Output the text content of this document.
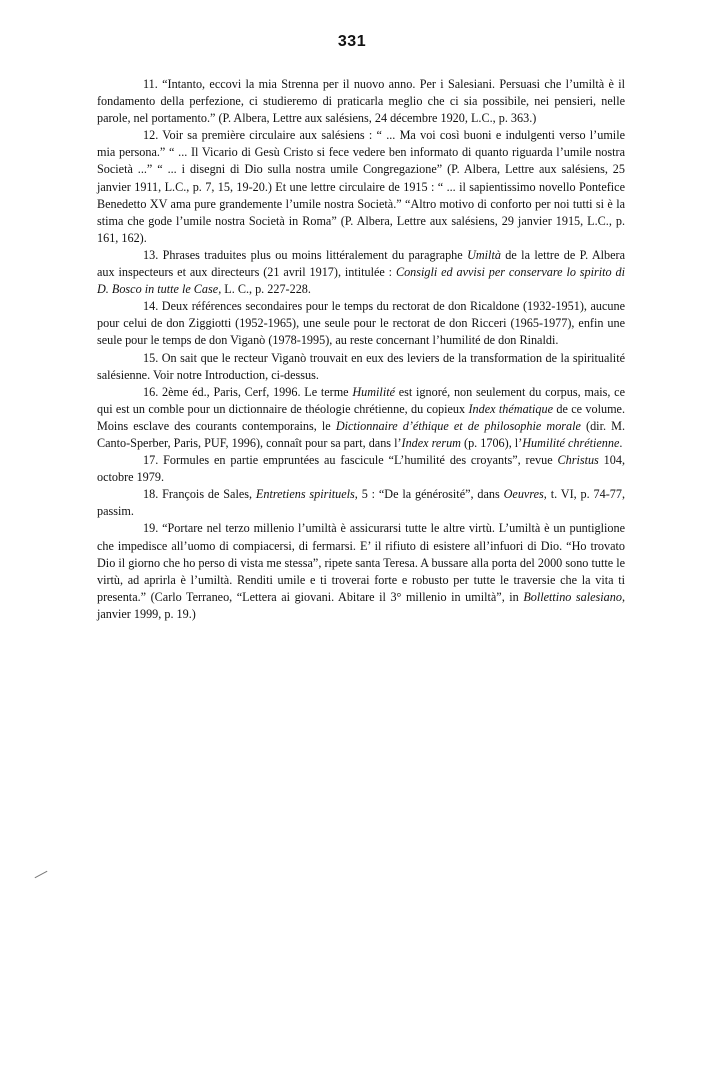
331

11. “Intanto, eccovi la mia Strenna per il nuovo anno. Per i Salesiani. Persuasi che l’umiltà è il fondamento della perfezione, ci studieremo di praticarla meglio che ci sia possibile, nei pensieri, nelle parole, nel portamento.” (P. Albera, Lettre aux salésiens, 24 décembre 1920, L.C., p. 363.)

12. Voir sa première circulaire aux salésiens : “ ... Ma voi così buoni e indulgenti verso l’umile mia persona.” “ ... Il Vicario di Gesù Cristo si fece vedere ben informato di quanto riguarda l’umile nostra Società ...” “ ... i disegni di Dio sulla nostra umile Congregazione” (P. Albera, Lettre aux salésiens, 25 janvier 1911, L.C., p. 7, 15, 19-20.) Et une lettre circulaire de 1915 : “ ... il sapientissimo novello Pontefice Benedetto XV ama pure grandemente l’umile nostra Società.” “Altro motivo di conforto per noi tutti si è la stima che gode l’umile nostra Società in Roma” (P. Albera, Lettre aux salésiens, 29 janvier 1915, L.C., p. 161, 162).

13. Phrases traduites plus ou moins littéralement du paragraphe Umiltà de la lettre de P. Albera aux inspecteurs et aux directeurs (21 avril 1917), intitulée : Consigli ed avvisi per conservare lo spirito di D. Bosco in tutte le Case, L. C., p. 227-228.

14. Deux références secondaires pour le temps du rectorat de don Ricaldone (1932-1951), aucune pour celui de don Ziggiotti (1952-1965), une seule pour le rectorat de don Ricceri (1965-1977), enfin une seule pour le temps de don Viganò (1978-1995), au reste concernant l’humilité de don Rinaldi.

15. On sait que le recteur Viganò trouvait en eux des leviers de la transformation de la spiritualité salésienne. Voir notre Introduction, ci-dessus.

16. 2ème éd., Paris, Cerf, 1996. Le terme Humilité est ignoré, non seulement du corpus, mais, ce qui est un comble pour un dictionnaire de théologie chrétienne, du copieux Index thématique de ce volume. Moins esclave des courants contemporains, le Dictionnaire d’éthique et de philosophie morale (dir. M. Canto-Sperber, Paris, PUF, 1996), connaît pour sa part, dans l’Index rerum (p. 1706), l’Humilité chrétienne.

17. Formules en partie empruntées au fascicule “L’humilité des croyants”, revue Christus 104, octobre 1979.

18. François de Sales, Entretiens spirituels, 5 : “De la générosité”, dans Oeuvres, t. VI, p. 74-77, passim.

19. “Portare nel terzo millenio l’umiltà è assicurarsi tutte le altre virtù. L’umiltà è un puntiglione che impedisce all’uomo di compiacersi, di fermarsi. E’ il rifiuto di esistere all’infuori di Dio. “Ho trovato Dio il giorno che ho perso di vista me stessa”, ripete santa Teresa. A bussare alla porta del 2000 sono tutte le virtù, ad aprirla è l’umiltà. Renditi umile e ti troverai forte e robusto per tutte le traversie che la vita ti presenta.” (Carlo Terraneo, “Lettera ai giovani. Abitare il 3° millenio in umiltà”, in Bollettino salesiano, janvier 1999, p. 19.)
